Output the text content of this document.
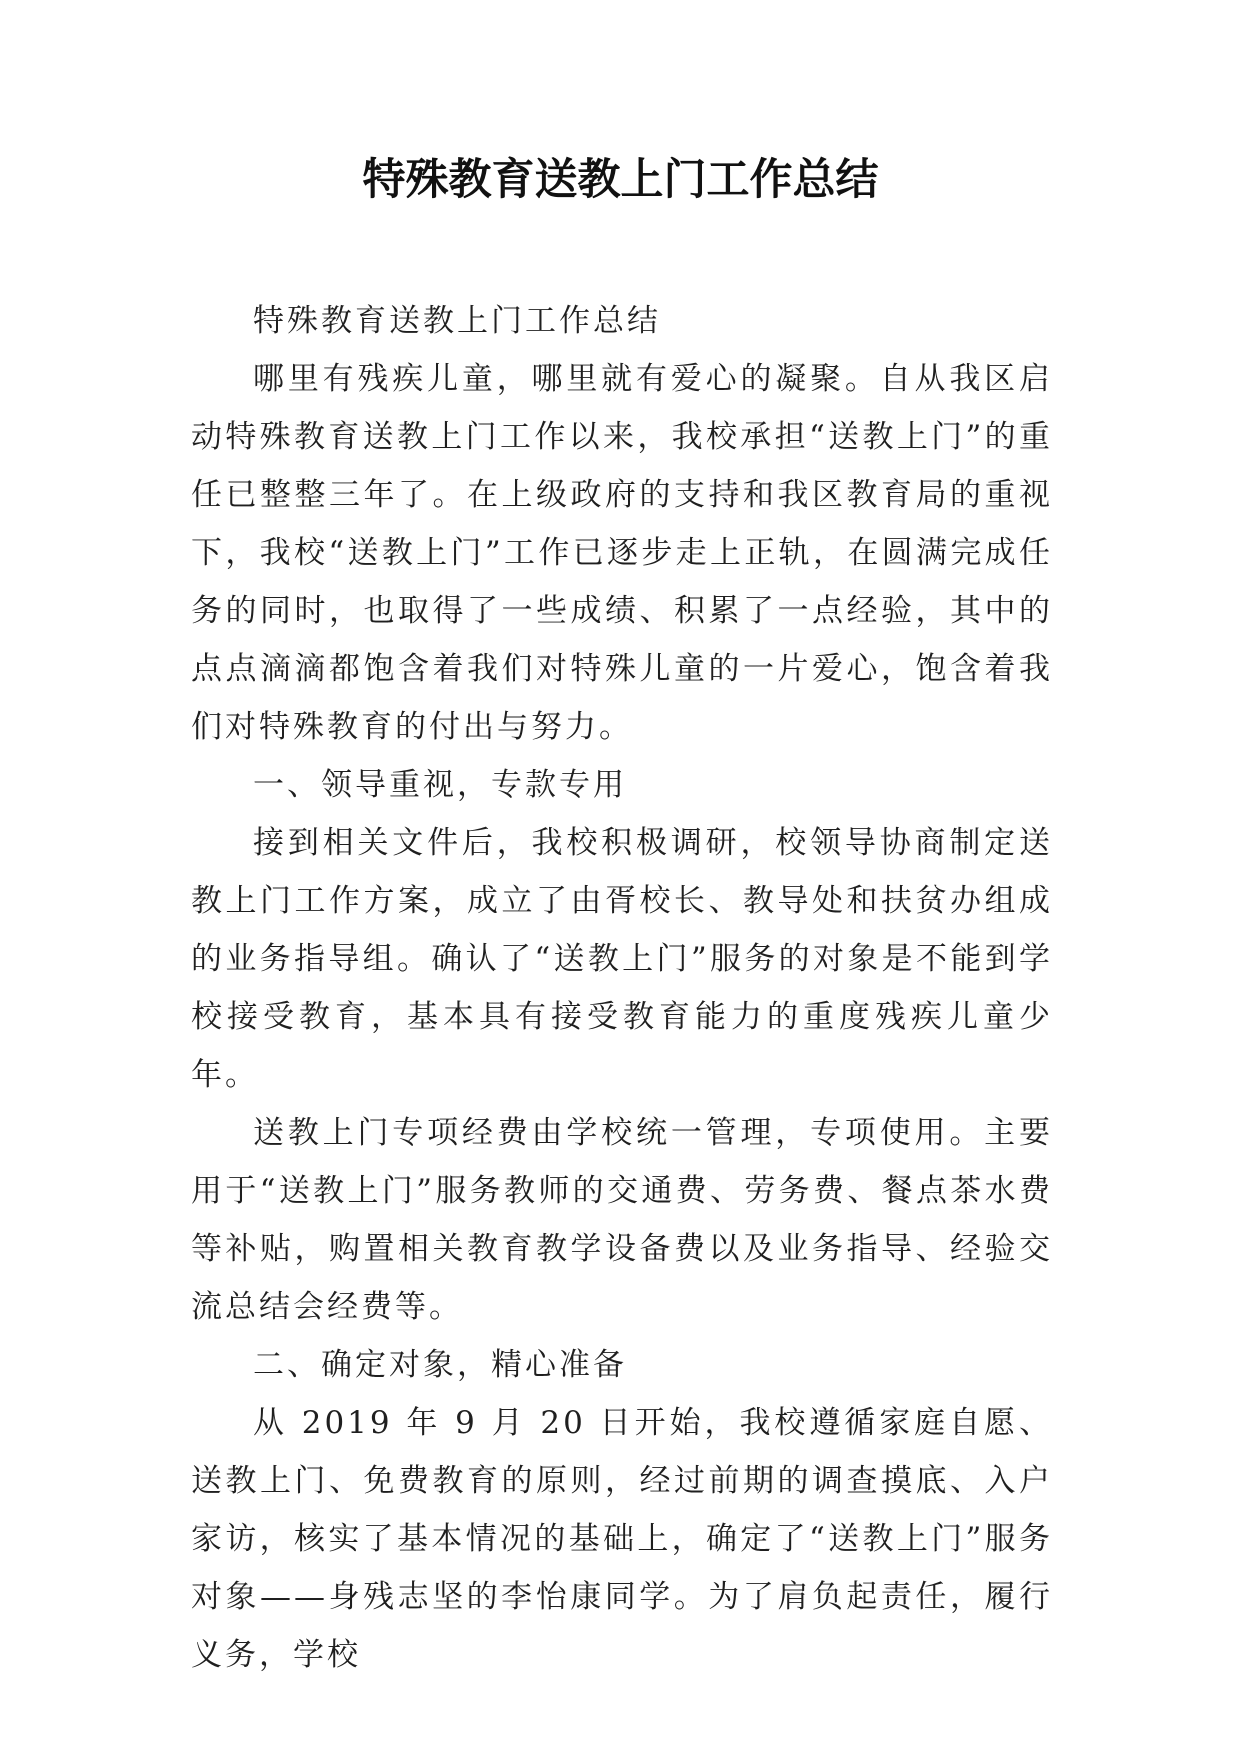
特殊教育送教上门工作总结

特殊教育送教上门工作总结

哪里有残疾儿童，哪里就有爱心的凝聚。自从我区启动特殊教育送教上门工作以来，我校承担“送教上门”的重任已整整三年了。在上级政府的支持和我区教育局的重视下，我校“送教上门”工作已逐步走上正轨，在圆满完成任务的同时，也取得了一些成绩、积累了一点经验，其中的点点滴滴都饱含着我们对特殊儿童的一片爱心，饱含着我们对特殊教育的付出与努力。

一、领导重视，专款专用

接到相关文件后，我校积极调研，校领导协商制定送教上门工作方案，成立了由胥校长、教导处和扶贫办组成的业务指导组。确认了“送教上门”服务的对象是不能到学校接受教育，基本具有接受教育能力的重度残疾儿童少年。

送教上门专项经费由学校统一管理，专项使用。主要用于“送教上门”服务教师的交通费、劳务费、餐点茶水费等补贴，购置相关教育教学设备费以及业务指导、经验交流总结会经费等。

二、确定对象，精心准备

从 2019 年 9 月 20 日开始，我校遵循家庭自愿、送教上门、免费教育的原则，经过前期的调查摸底、入户家访，核实了基本情况的基础上，确定了“送教上门”服务对象——身残志坚的李怡康同学。为了肩负起责任，履行义务，学校
